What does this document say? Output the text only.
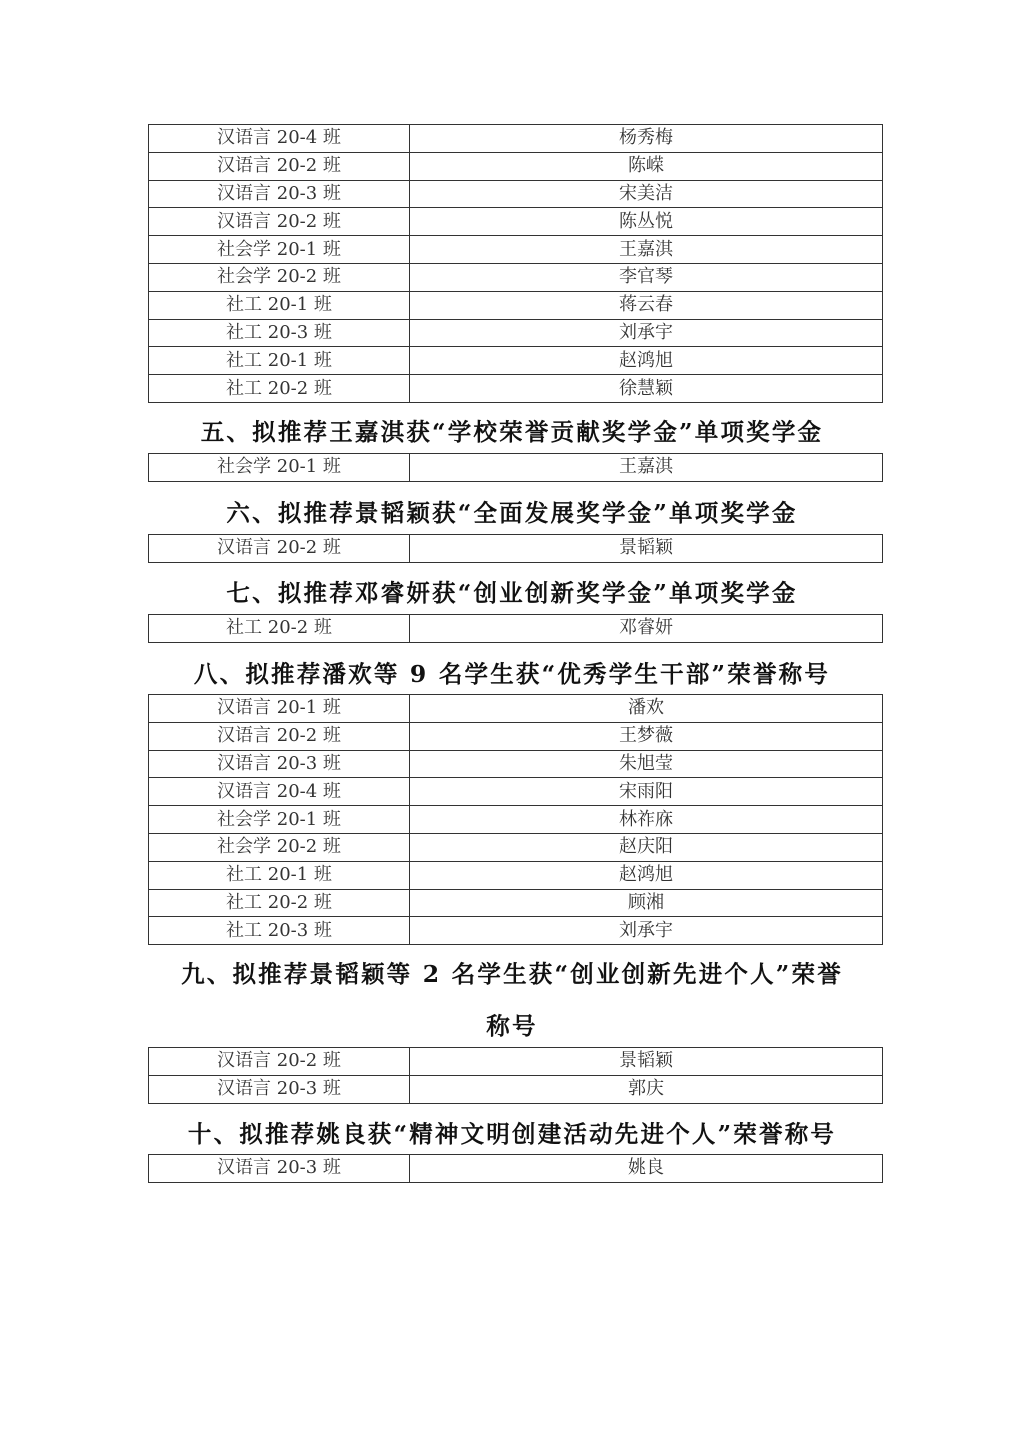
汉语言 20-4 班	杨秀梅
汉语言 20-2 班	陈嵘
汉语言 20-3 班	宋美洁
汉语言 20-2 班	陈丛悦
社会学 20-1 班	王嘉淇
社会学 20-2 班	李官琴
社工 20-1 班	蒋云春
社工 20-3 班	刘承宇
社工 20-1 班	赵鸿旭
社工 20-2 班	徐慧颖
五、拟推荐王嘉淇获“学校荣誉贡献奖学金”单项奖学金
社会学 20-1 班	王嘉淇
六、拟推荐景韬颖获“全面发展奖学金”单项奖学金
汉语言 20-2 班	景韬颖
七、拟推荐邓睿妍获“创业创新奖学金”单项奖学金
社工 20-2 班	邓睿妍
八、拟推荐潘欢等 9 名学生获“优秀学生干部”荣誉称号
汉语言 20-1 班	潘欢
汉语言 20-2 班	王梦薇
汉语言 20-3 班	朱旭莹
汉语言 20-4 班	宋雨阳
社会学 20-1 班	林祚庥
社会学 20-2 班	赵庆阳
社工 20-1 班	赵鸿旭
社工 20-2 班	顾湘
社工 20-3 班	刘承宇
九、拟推荐景韬颖等 2 名学生获“创业创新先进个人”荣誉
称号
汉语言 20-2 班	景韬颖
汉语言 20-3 班	郭庆
十、拟推荐姚良获“精神文明创建活动先进个人”荣誉称号
汉语言 20-3 班	姚良
